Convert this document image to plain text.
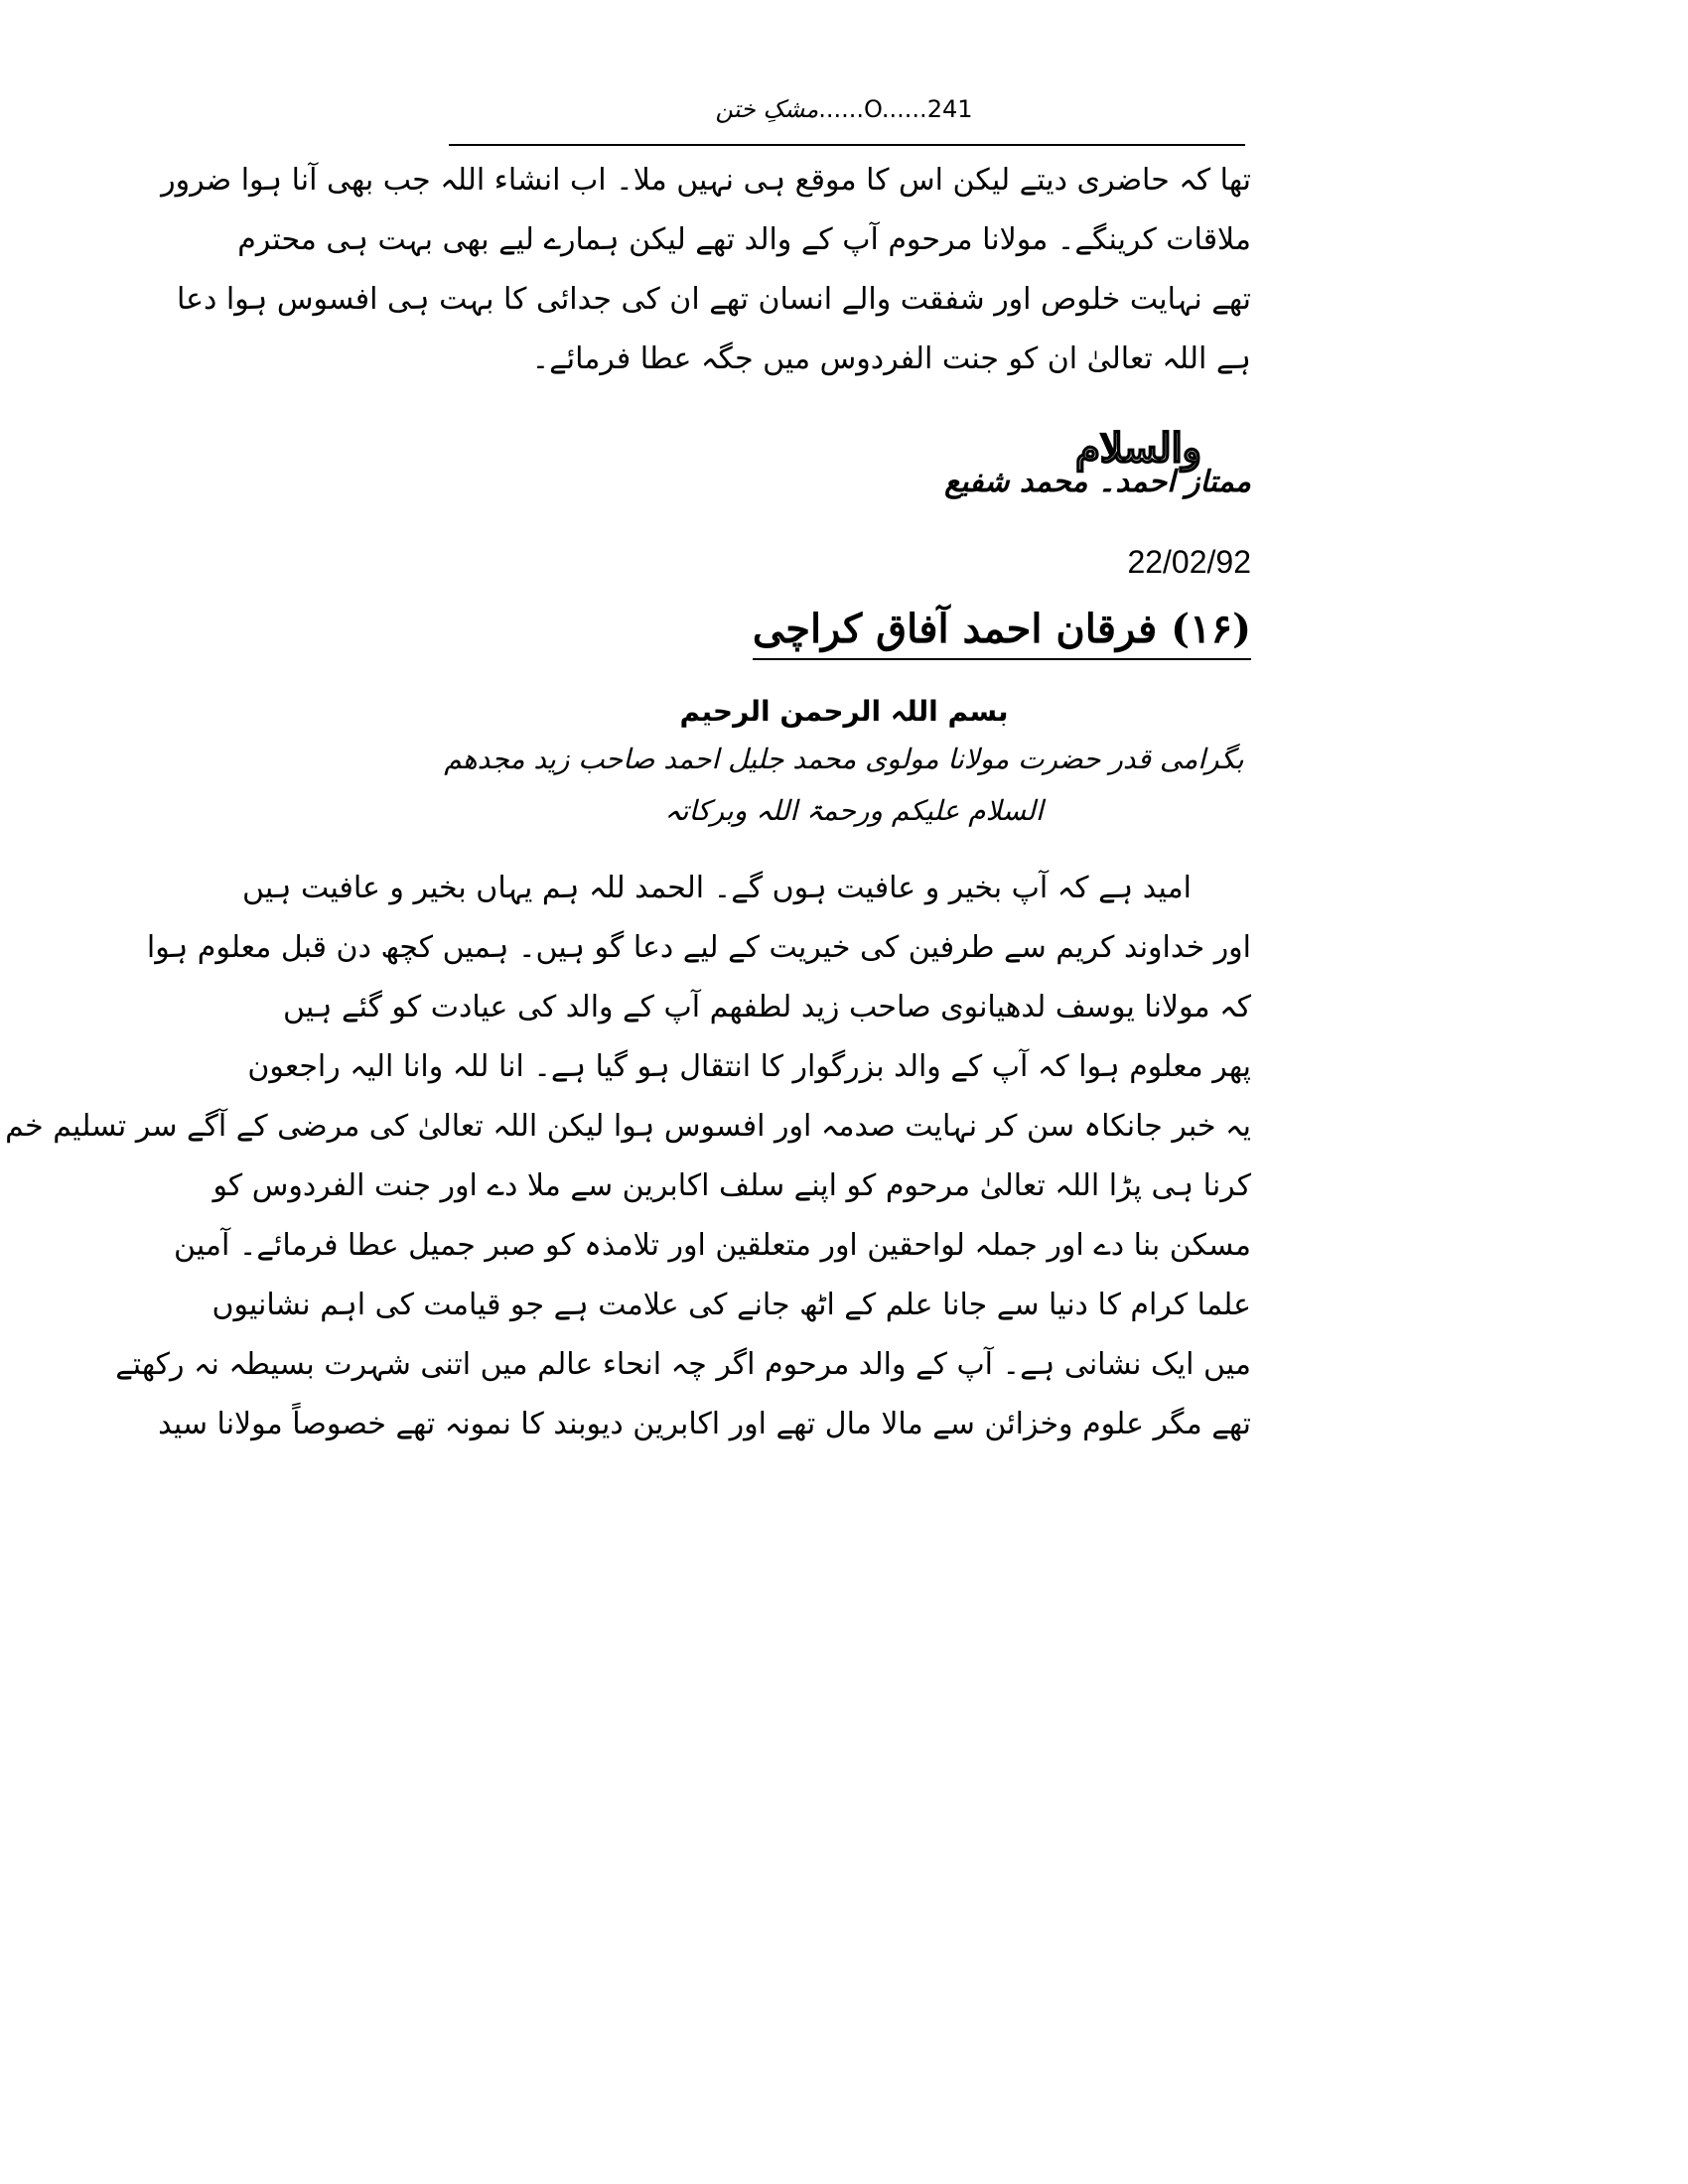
مشکِ ختن......O......241

تھا کہ حاضری دیتے لیکن اس کا موقع ہی نہیں ملا۔ اب انشاء اللہ جب بھی آنا ہوا ضرور

ملاقات کرینگے۔ مولانا مرحوم آپ کے والد تھے لیکن ہمارے لیے بھی بہت ہی محترم

تھے نہایت خلوص اور شفقت والے انسان تھے ان کی جدائی کا بہت ہی افسوس ہوا دعا

ہے اللہ تعالیٰ ان کو جنت الفردوس میں جگہ عطا فرمائے۔

والسلام
ممتاز احمد۔ محمد شفیع
22/02/92
(۱۶) فرقان احمد آفاق کراچی
بسم اللہ الرحمن الرحیم
بگرامی قدر حضرت مولانا مولوی محمد جلیل احمد صاحب زید مجدھم
السلام علیکم ورحمۃ اللہ وبرکاتہ

امید ہے کہ آپ بخیر و عافیت ہوں گے۔ الحمد للہ ہم یہاں بخیر و عافیت ہیں

اور خداوند کریم سے طرفین کی خیریت کے لیے دعا گو ہیں۔ ہمیں کچھ دن قبل معلوم ہوا

کہ مولانا یوسف لدھیانوی صاحب زید لطفھم آپ کے والد کی عیادت کو گئے ہیں

پھر معلوم ہوا کہ آپ کے والد بزرگوار کا انتقال ہو گیا ہے۔ انا للہ وانا الیہ راجعون

یہ خبر جانکاہ سن کر نہایت صدمہ اور افسوس ہوا لیکن اللہ تعالیٰ کی مرضی کے آگے سر تسلیم خم

کرنا ہی پڑا اللہ تعالیٰ مرحوم کو اپنے سلف اکابرین سے ملا دے اور جنت الفردوس کو

مسکن بنا دے اور جملہ لواحقین اور متعلقین اور تلامذہ کو صبر جمیل عطا فرمائے۔ آمین

علما کرام کا دنیا سے جانا علم کے اٹھ جانے کی علامت ہے جو قیامت کی اہم نشانیوں

میں ایک نشانی ہے۔ آپ کے والد مرحوم اگر چہ انحاء عالم میں اتنی شہرت بسیطہ نہ رکھتے

تھے مگر علوم وخزائن سے مالا مال تھے اور اکابرین دیوبند کا نمونہ تھے خصوصاً مولانا سید
